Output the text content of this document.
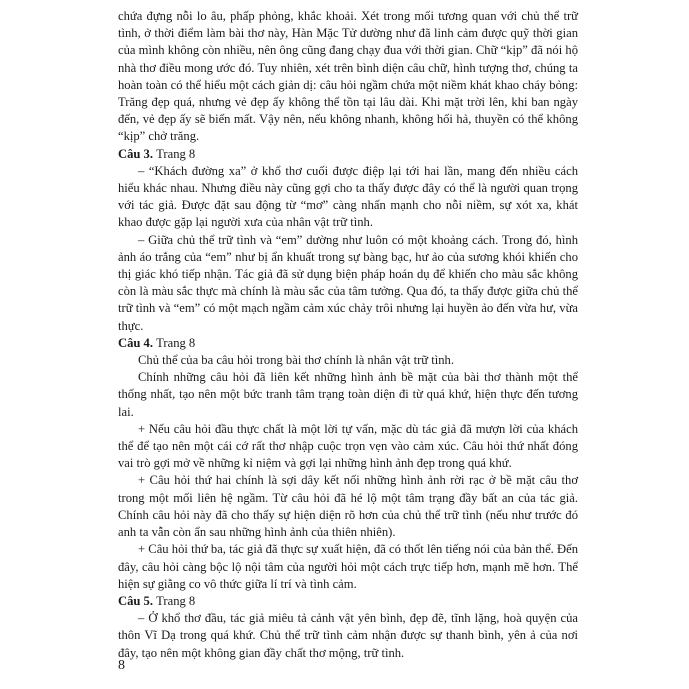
chứa đựng nỗi lo âu, phấp phỏng, khắc khoải. Xét trong mối tương quan với chủ thể trữ tình, ở thời điểm làm bài thơ này, Hàn Mặc Tử dường như đã linh cảm được quỹ thời gian của mình không còn nhiều, nên ông cũng đang chạy đua với thời gian. Chữ “kịp” đã nói hộ nhà thơ điều mong ước đó. Tuy nhiên, xét trên bình diện câu chữ, hình tượng thơ, chúng ta hoàn toàn có thể hiểu một cách giản dị: câu hỏi ngầm chứa một niềm khát khao cháy bỏng: Trăng đẹp quá, nhưng vẻ đẹp ấy không thể tồn tại lâu dài. Khi mặt trời lên, khi ban ngày đến, vẻ đẹp ấy sẽ biến mất. Vậy nên, nếu không nhanh, không hối hả, thuyền có thể không “kịp” chở trăng.

Câu 3. Trang 8

– “Khách đường xa” ở khổ thơ cuối được điệp lại tới hai lần, mang đến nhiều cách hiểu khác nhau. Nhưng điều này cũng gợi cho ta thấy được đây có thể là người quan trọng với tác giả. Được đặt sau động từ “mơ” càng nhấn mạnh cho nỗi niềm, sự xót xa, khát khao được gặp lại người xưa của nhân vật trữ tình.

– Giữa chủ thể trữ tình và “em” dường như luôn có một khoảng cách. Trong đó, hình ảnh áo trắng của “em” như bị ẩn khuất trong sự bàng bạc, hư ảo của sương khói khiến cho thị giác khó tiếp nhận. Tác giả đã sử dụng biện pháp hoán dụ để khiến cho màu sắc không còn là màu sắc thực mà chính là màu sắc của tâm tưởng. Qua đó, ta thấy được giữa chủ thể trữ tình và “em” có một mạch ngầm cảm xúc chảy trôi nhưng lại huyền ảo đến vừa hư, vừa thực.

Câu 4. Trang 8

Chủ thể của ba câu hỏi trong bài thơ chính là nhân vật trữ tình.

Chính những câu hỏi đã liên kết những hình ảnh bề mặt của bài thơ thành một thể thống nhất, tạo nên một bức tranh tâm trạng toàn diện đi từ quá khứ, hiện thực đến tương lai.

+ Nếu câu hỏi đầu thực chất là một lời tự vấn, mặc dù tác giả đã mượn lời của khách thể để tạo nên một cái cớ rất thơ nhập cuộc trọn vẹn vào cảm xúc. Câu hỏi thứ nhất đóng vai trò gợi mở về những kỉ niệm và gợi lại những hình ảnh đẹp trong quá khứ.

+ Câu hỏi thứ hai chính là sợi dây kết nối những hình ảnh rời rạc ở bề mặt câu thơ trong một mối liên hệ ngầm. Từ câu hỏi đã hé lộ một tâm trạng đầy bất an của tác giả. Chính câu hỏi này đã cho thấy sự hiện diện rõ hơn của chủ thể trữ tình (nếu như trước đó anh ta vẫn còn ẩn sau những hình ảnh của thiên nhiên).

+ Câu hỏi thứ ba, tác giả đã thực sự xuất hiện, đã có thốt lên tiếng nói của bản thể. Đến đây, câu hỏi càng bộc lộ nội tâm của người hỏi một cách trực tiếp hơn, mạnh mẽ hơn. Thể hiện sự giằng co vô thức giữa lí trí và tình cảm.

Câu 5. Trang 8

– Ở khổ thơ đầu, tác giả miêu tả cảnh vật yên bình, đẹp đẽ, tĩnh lặng, hoà quyện của thôn Vĩ Dạ trong quá khứ. Chủ thể trữ tình cảm nhận được sự thanh bình, yên ả của nơi đây, tạo nên một không gian đầy chất thơ mộng, trữ tình.

8
